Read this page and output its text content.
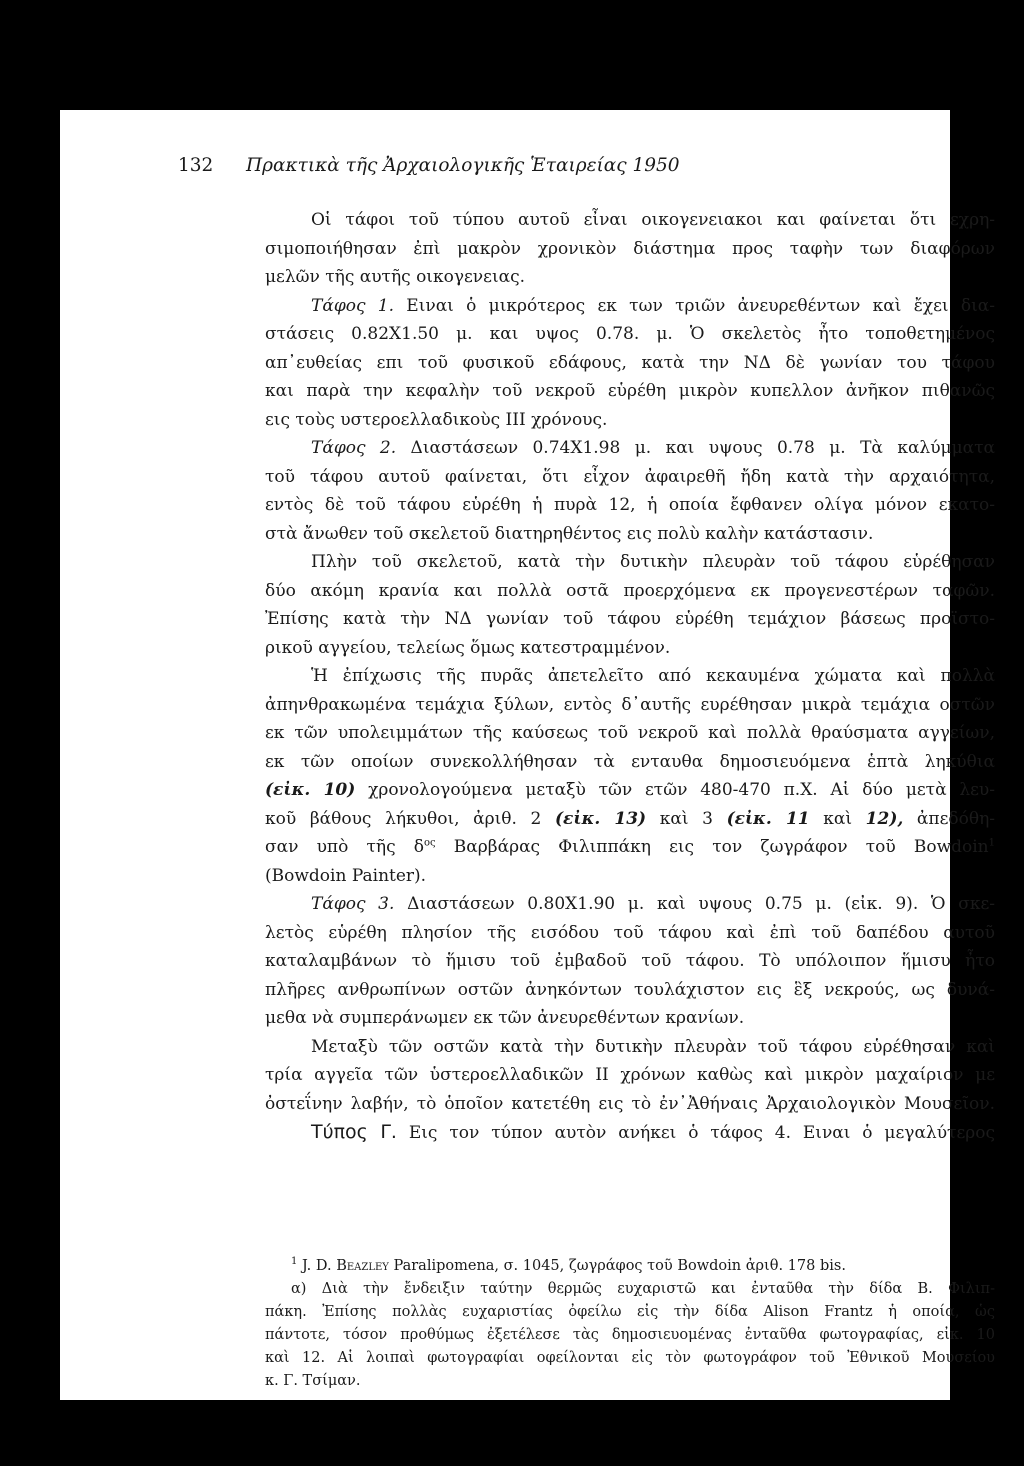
132 Πρακτικὰ τῆς Ἀρχαιολογικῆς Ἑταιρείας 1950
Οἱ τάφοι τοῦ τύπου αυτοῦ εἶναι οικογενειακοι και φαίνεται ὅτι εχρη-
σιμοποιήθησαν ἐπὶ μακρὸν χρονικὸν διάστημα προς ταφὴν των διαφόρων
μελῶν τῆς αυτῆς οικογενειας.
Τάφος 1. Ειναι ὁ μικρότερος εκ των τριῶν ἀνευρεθέντων καὶ ἔχει δια-
στάσεις 0.82X1.50 μ. και υψος 0.78. μ. Ὁ σκελετὸς ἦτο τοποθετημένος
απ᾽ευθείας επι τοῦ φυσικοῦ εδάφους, κατὰ την ΝΔ δὲ γωνίαν του τάφου
και παρὰ την κεφαλὴν τοῦ νεκροῦ εὑρέθη μικρὸν κυπελλον ἀνῆκον πιθανῶς
εις τοὺς υστεροελλαδικοὺς III χρόνους.
Τάφος 2. Διαστάσεων 0.74X1.98 μ. και υψους 0.78 μ. Τὰ καλύμματα
τοῦ τάφου αυτοῦ φαίνεται, ὅτι εἶχον ἀφαιρεθῆ ἤδη κατὰ τὴν αρχαιότητα,
εντὸς δὲ τοῦ τάφου εὑρέθη ἡ πυρὰ 12, ἡ οποία ἔφθανεν ολίγα μόνον εκατο-
στὰ ἄνωθεν τοῦ σκελετοῦ διατηρηθέντος εις πολὺ καλὴν κατάστασιν.
Πλὴν τοῦ σκελετοῦ, κατὰ τὴν δυτικὴν πλευρὰν τοῦ τάφου εὑρέθησαν
δύο ακόμη κρανία και πολλὰ οστᾶ προερχόμενα εκ προγενεστέρων ταφῶν.
Ἐπίσης κατὰ τὴν ΝΔ γωνίαν τοῦ τάφου εὑρέθη τεμάχιον βάσεως προϊστο-
ρικοῦ αγγείου, τελείως ὅμως κατεστραμμένον.
Ἡ ἐπίχωσις τῆς πυρᾶς ἀπετελεῖτο από κεκαυμένα χώματα καὶ πολλὰ
ἀπηνθρακωμένα τεμάχια ξύλων, εντὸς δ᾽αυτῆς ευρέθησαν μικρὰ τεμάχια οστῶν
εκ τῶν υπολειμμάτων τῆς καύσεως τοῦ νεκροῦ καὶ πολλὰ θραύσματα αγγείων,
εκ τῶν οποίων συνεκολλήθησαν τὰ ενταυθα δημοσιευόμενα ἑπτὰ ληκύθια
(εἰκ. 10) χρονολογούμενα μεταξὺ τῶν ετῶν 480-470 π.Χ. Αἱ δύο μετὰ λευ-
κοῦ βάθους λήκυθοι, ἀριθ. 2 (εἰκ. 13) καὶ 3 (εἰκ. 11 καὶ 12), ἀπεδόθη-
σαν υπὸ τῆς $\delta^{o\varsigma}$ Βαρβάρας Φιλιππάκη εις τον ζωγράφον τοῦ Bowdoin$^1$
(Bowdoin Painter).
Τάφος 3. Διαστάσεων 0.80X1.90 μ. καὶ υψους 0.75 μ. (εἰκ. 9). Ὁ σκε-
λετὸς εὑρέθη πλησίον τῆς εισόδου τοῦ τάφου καὶ ἐπὶ τοῦ δαπέδου αυτοῦ
καταλαμβάνων τὸ ἥμισυ τοῦ ἐμβαδοῦ τοῦ τάφου. Τὸ υπόλοιπον ἥμισυ ἦτο
πλῆρες ανθρωπίνων οστῶν ἀνηκόντων τουλάχιστον εις ἓξ νεκρούς, ως δυνά-
μεθα νὰ συμπεράνωμεν εκ τῶν ἀνευρεθέντων κρανίων.
Μεταξὺ τῶν οστῶν κατὰ τὴν δυτικὴν πλευρὰν τοῦ τάφου εὑρέθησαν καὶ
τρία αγγεῖα τῶν ὑστεροελλαδικῶν II χρόνων καθὼς καὶ μικρὸν μαχαίριον με
ὀστεΐνην λαβήν, τὸ ὁποῖον κατετέθη εις τὸ ἐν᾽Ἀθήναις Ἀρχαιολογικὸν Μουσεῖον.
Τύπος Γ. Εις τον τύπον αυτὸν ανήκει ὁ τάφος 4. Ειναι ὁ μεγαλύτερος
$^1$ J. D. Beazley Paralipomena, σ. 1045, ζωγράφος τοῦ Bowdoin ἀριθ. 178 bis.
α) Διὰ τὴν ἔνδειξιν ταύτην θερμῶς ευχαριστῶ και ἐνταῦθα τὴν δίδα Β. Φιλιπ-
πάκη. Ἐπίσης πολλὰς ευχαριστίας ὀφείλω εἰς τὴν δίδα Alison Frantz ἡ οποία, ὡς
πάντοτε, τόσον προθύμως ἐξετέλεσε τὰς δημοσιευομένας ἐνταῦθα φωτογραφίας, εἰκ. 10
καὶ 12. Αἱ λοιπαὶ φωτογραφίαι οφείλονται εἰς τὸν φωτογράφον τοῦ Ἐθνικοῦ Μουσείου
κ. Γ. Τσίμαν.
